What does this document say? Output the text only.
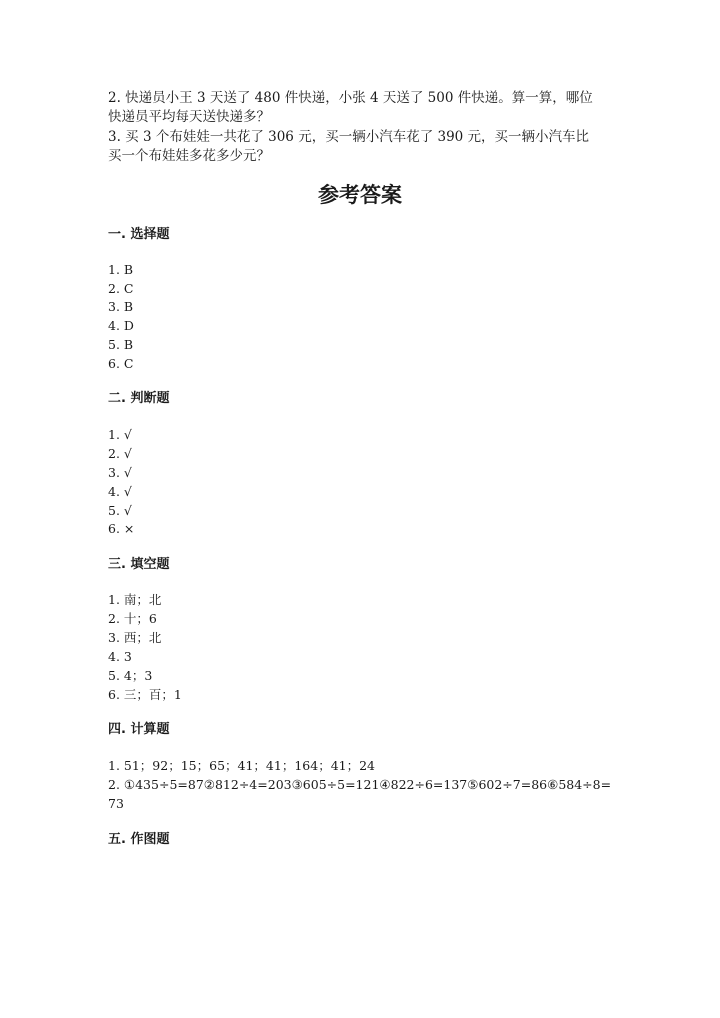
2. 快递员小王 3 天送了 480 件快递，小张 4 天送了 500 件快递。算一算，哪位
快递员平均每天送快递多？
3. 买 3 个布娃娃一共花了 306 元，买一辆小汽车花了 390 元，买一辆小汽车比
买一个布娃娃多花多少元？
参考答案
一. 选择题
1. B
2. C
3. B
4. D
5. B
6. C
二. 判断题
1. √
2. √
3. √
4. √
5. √
6. ×
三. 填空题
1. 南；北
2. 十；6
3. 西；北
4. 3
5. 4；3
6. 三；百；1
四. 计算题
1. 51；92；15；65；41；41；164；41；24
2. ①435÷5=87②812÷4=203③605÷5=121④822÷6=137⑤602÷7=86⑥584÷8=
73
五. 作图题
